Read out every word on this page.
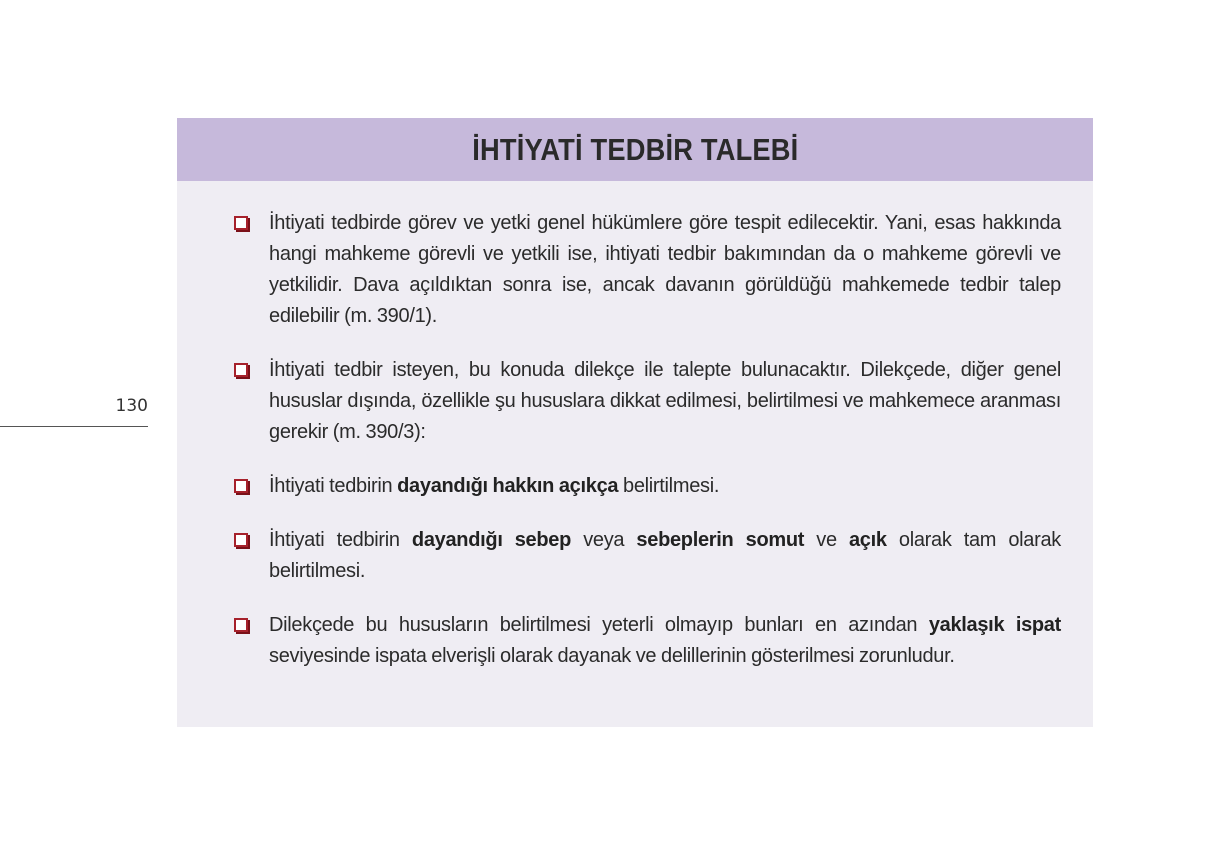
130
İHTİYATİ TEDBİR TALEBİ
İhtiyati tedbirde görev ve yetki genel hükümlere göre tespit edilecektir. Yani, esas hakkında hangi mahkeme görevli ve yetkili ise, ihtiyati tedbir bakımından da o mahkeme görevli ve yetkilidir. Dava açıldıktan sonra ise, ancak davanın görüldüğü mahkemede tedbir talep edilebilir (m. 390/1).
İhtiyati tedbir isteyen, bu konuda dilekçe ile talepte bulunacaktır. Dilekçede, diğer genel hususlar dışında, özellikle şu hususlara dikkat edilmesi, belirtilmesi ve mahkemece aranması gerekir (m. 390/3):
İhtiyati tedbirin dayandığı hakkın açıkça belirtilmesi.
İhtiyati tedbirin dayandığı sebep veya sebeplerin somut ve açık olarak tam olarak belirtilmesi.
Dilekçede bu hususların belirtilmesi yeterli olmayıp bunları en azından yaklaşık ispat seviyesinde ispata elverişli olarak dayanak ve delillerinin gösterilmesi zorunludur.
